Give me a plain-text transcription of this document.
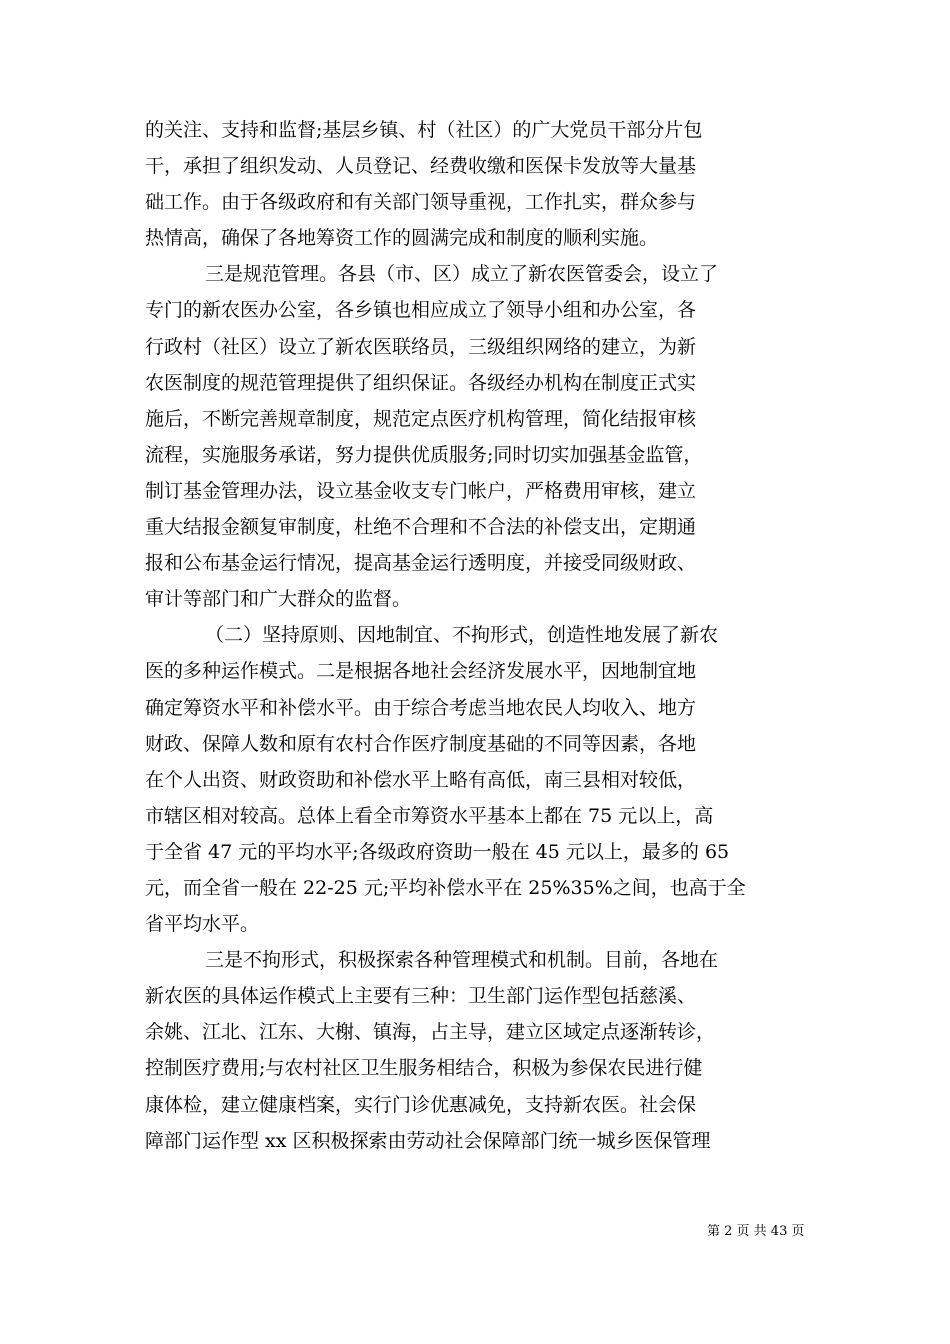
的关注、支持和监督;基层乡镇、村（社区）的广大党员干部分片包
干，承担了组织发动、人员登记、经费收缴和医保卡发放等大量基
础工作。由于各级政府和有关部门领导重视，工作扎实，群众参与
热情高，确保了各地筹资工作的圆满完成和制度的顺利实施。
三是规范管理。各县（市、区）成立了新农医管委会，设立了
专门的新农医办公室，各乡镇也相应成立了领导小组和办公室，各
行政村（社区）设立了新农医联络员，三级组织网络的建立，为新
农医制度的规范管理提供了组织保证。各级经办机构在制度正式实
施后，不断完善规章制度，规范定点医疗机构管理，简化结报审核
流程，实施服务承诺，努力提供优质服务;同时切实加强基金监管，
制订基金管理办法，设立基金收支专门帐户，严格费用审核，建立
重大结报金额复审制度，杜绝不合理和不合法的补偿支出，定期通
报和公布基金运行情况，提高基金运行透明度，并接受同级财政、
审计等部门和广大群众的监督。
（二）坚持原则、因地制宜、不拘形式，创造性地发展了新农
医的多种运作模式。二是根据各地社会经济发展水平，因地制宜地
确定筹资水平和补偿水平。由于综合考虑当地农民人均收入、地方
财政、保障人数和原有农村合作医疗制度基础的不同等因素，各地
在个人出资、财政资助和补偿水平上略有高低，南三县相对较低，
市辖区相对较高。总体上看全市筹资水平基本上都在 75 元以上，高
于全省 47 元的平均水平;各级政府资助一般在 45 元以上，最多的 65
元，而全省一般在 22-25 元;平均补偿水平在 25%35%之间，也高于全
省平均水平。
三是不拘形式，积极探索各种管理模式和机制。目前，各地在
新农医的具体运作模式上主要有三种：卫生部门运作型包括慈溪、
余姚、江北、江东、大榭、镇海，占主导，建立区域定点逐渐转诊，
控制医疗费用;与农村社区卫生服务相结合，积极为参保农民进行健
康体检，建立健康档案，实行门诊优惠减免，支持新农医。社会保
障部门运作型 xx 区积极探索由劳动社会保障部门统一城乡医保管理
第 2 页 共 43 页
